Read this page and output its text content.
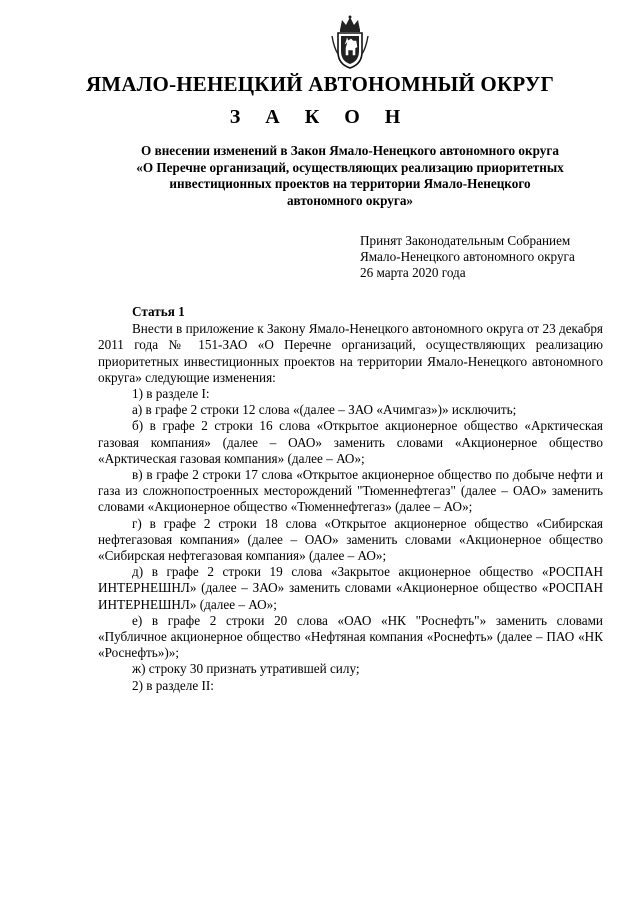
ЯМАЛО-НЕНЕЦКИЙ АВТОНОМНЫЙ ОКРУГ
З А К О Н
О внесении изменений в Закон Ямало-Ненецкого автономного округа
«О Перечне организаций, осуществляющих реализацию приоритетных
инвестиционных проектов на территории Ямало-Ненецкого
автономного округа»
Принят Законодательным Собранием
Ямало-Ненецкого автономного округа
26 марта 2020 года
Статья 1

Внести в приложение к Закону Ямало-Ненецкого автономного округа от 23 декабря 2011 года № 151-ЗАО «О Перечне организаций, осуществляющих реализацию приоритетных инвестиционных проектов на территории Ямало-Ненецкого автономного округа» следующие изменения:

1) в разделе I:

а) в графе 2 строки 12 слова «(далее – ЗАО «Ачимгаз»)» исключить;

б) в графе 2 строки 16 слова «Открытое акционерное общество «Арктическая газовая компания» (далее – ОАО» заменить словами «Акционерное общество «Арктическая газовая компания» (далее – АО»;

в) в графе 2 строки 17 слова «Открытое акционерное общество по добыче нефти и газа из сложнопостроенных месторождений "Тюменнефтегаз" (далее – ОАО» заменить словами «Акционерное общество «Тюменнефтегаз» (далее – АО»;

г) в графе 2 строки 18 слова «Открытое акционерное общество «Сибирская нефтегазовая компания» (далее – ОАО» заменить словами «Акционерное общество «Сибирская нефтегазовая компания» (далее – АО»;

д) в графе 2 строки 19 слова «Закрытое акционерное общество «РОСПАН ИНТЕРНЕШНЛ» (далее – ЗАО» заменить словами «Акционерное общество «РОСПАН ИНТЕРНЕШНЛ» (далее – АО»;

е) в графе 2 строки 20 слова «ОАО «НК "Роснефть"» заменить словами «Публичное акционерное общество «Нефтяная компания «Роснефть» (далее – ПАО «НК «Роснефть»)»;

ж) строку 30 признать утратившей силу;

2) в разделе II:
